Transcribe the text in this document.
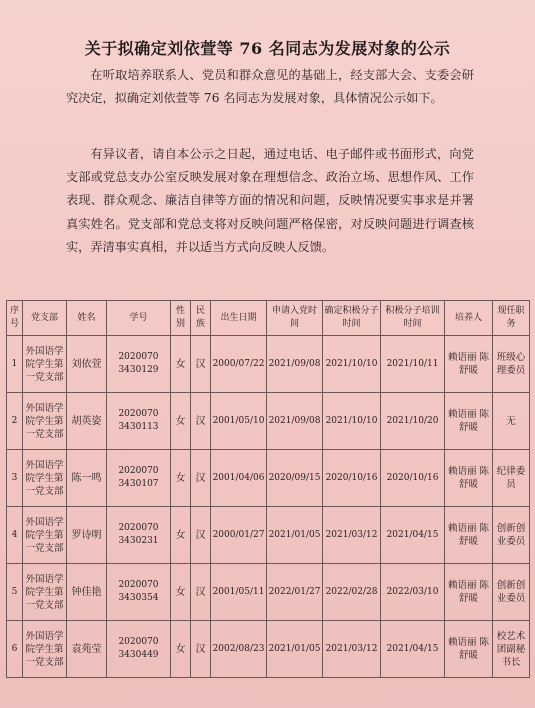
关于拟确定刘依萱等 76 名同志为发展对象的公示
在听取培养联系人、党员和群众意见的基础上，经支部大会、支委会研究决定，拟确定刘依萱等 76 名同志为发展对象，具体情况公示如下。
有异议者，请自本公示之日起，通过电话、电子邮件或书面形式，向党支部或党总支办公室反映发展对象在理想信念、政治立场、思想作风、工作表现、群众观念、廉洁自律等方面的情况和问题，反映情况要实事求是并署真实姓名。党支部和党总支将对反映问题严格保密，对反映问题进行调查核实，弄清事实真相，并以适当方式向反映人反馈。
序号	党支部	姓名	学号	性别	民族	出生日期	申请入党时间	确定积极分子时间	积极分子培训时间	培养人	现任职务
1	外国语学院学生第一党支部	刘依萱	2020070 3430129	女	汉	2000/07/22	2021/09/08	2021/10/10	2021/10/11	赖语丽 陈舒暖	班级心理委员
2	外国语学院学生第一党支部	胡英姿	2020070 3430113	女	汉	2001/05/10	2021/09/08	2021/10/10	2021/10/20	赖语丽 陈舒暖	无
3	外国语学院学生第一党支部	陈一鸣	2020070 3430107	女	汉	2001/04/06	2020/09/15	2020/10/16	2020/10/16	赖语丽 陈舒暖	纪律委员
4	外国语学院学生第一党支部	罗诗明	2020070 3430231	女	汉	2000/01/27	2021/01/05	2021/03/12	2021/04/15	赖语丽 陈舒暖	创新创业委员
5	外国语学院学生第一党支部	钟佳艳	2020070 3430354	女	汉	2001/05/11	2022/01/27	2022/02/28	2022/03/10	赖语丽 陈舒暖	创新创业委员
6	外国语学院学生第一党支部	袁苑莹	2020070 3430449	女	汉	2002/08/23	2021/01/05	2021/03/12	2021/04/15	赖语丽 陈舒暖	校艺术团副秘书长
